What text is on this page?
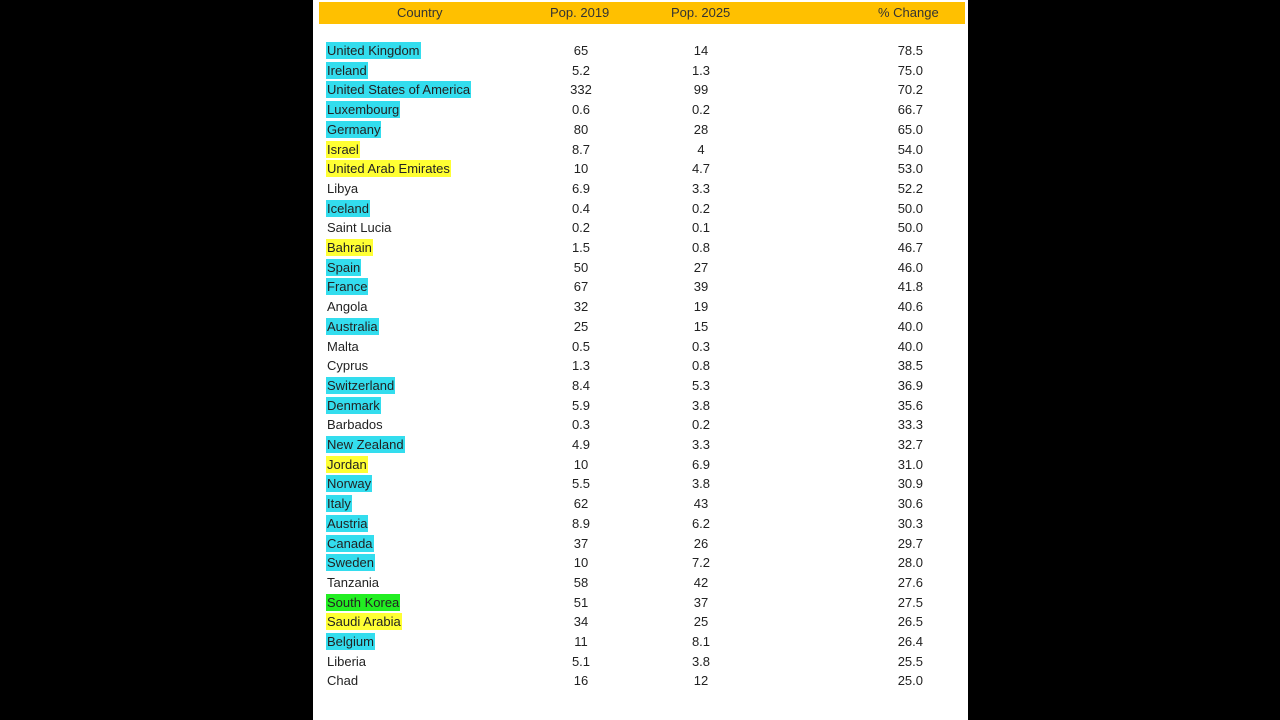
Country	Pop. 2019	Pop. 2025	% Change
United Kingdom	65	14	78.5
Ireland	5.2	1.3	75.0
United States of America	332	99	70.2
Luxembourg	0.6	0.2	66.7
Germany	80	28	65.0
Israel	8.7	4	54.0
United Arab Emirates	10	4.7	53.0
Libya	6.9	3.3	52.2
Iceland	0.4	0.2	50.0
Saint Lucia	0.2	0.1	50.0
Bahrain	1.5	0.8	46.7
Spain	50	27	46.0
France	67	39	41.8
Angola	32	19	40.6
Australia	25	15	40.0
Malta	0.5	0.3	40.0
Cyprus	1.3	0.8	38.5
Switzerland	8.4	5.3	36.9
Denmark	5.9	3.8	35.6
Barbados	0.3	0.2	33.3
New Zealand	4.9	3.3	32.7
Jordan	10	6.9	31.0
Norway	5.5	3.8	30.9
Italy	62	43	30.6
Austria	8.9	6.2	30.3
Canada	37	26	29.7
Sweden	10	7.2	28.0
Tanzania	58	42	27.6
South Korea	51	37	27.5
Saudi Arabia	34	25	26.5
Belgium	11	8.1	26.4
Liberia	5.1	3.8	25.5
Chad	16	12	25.0
